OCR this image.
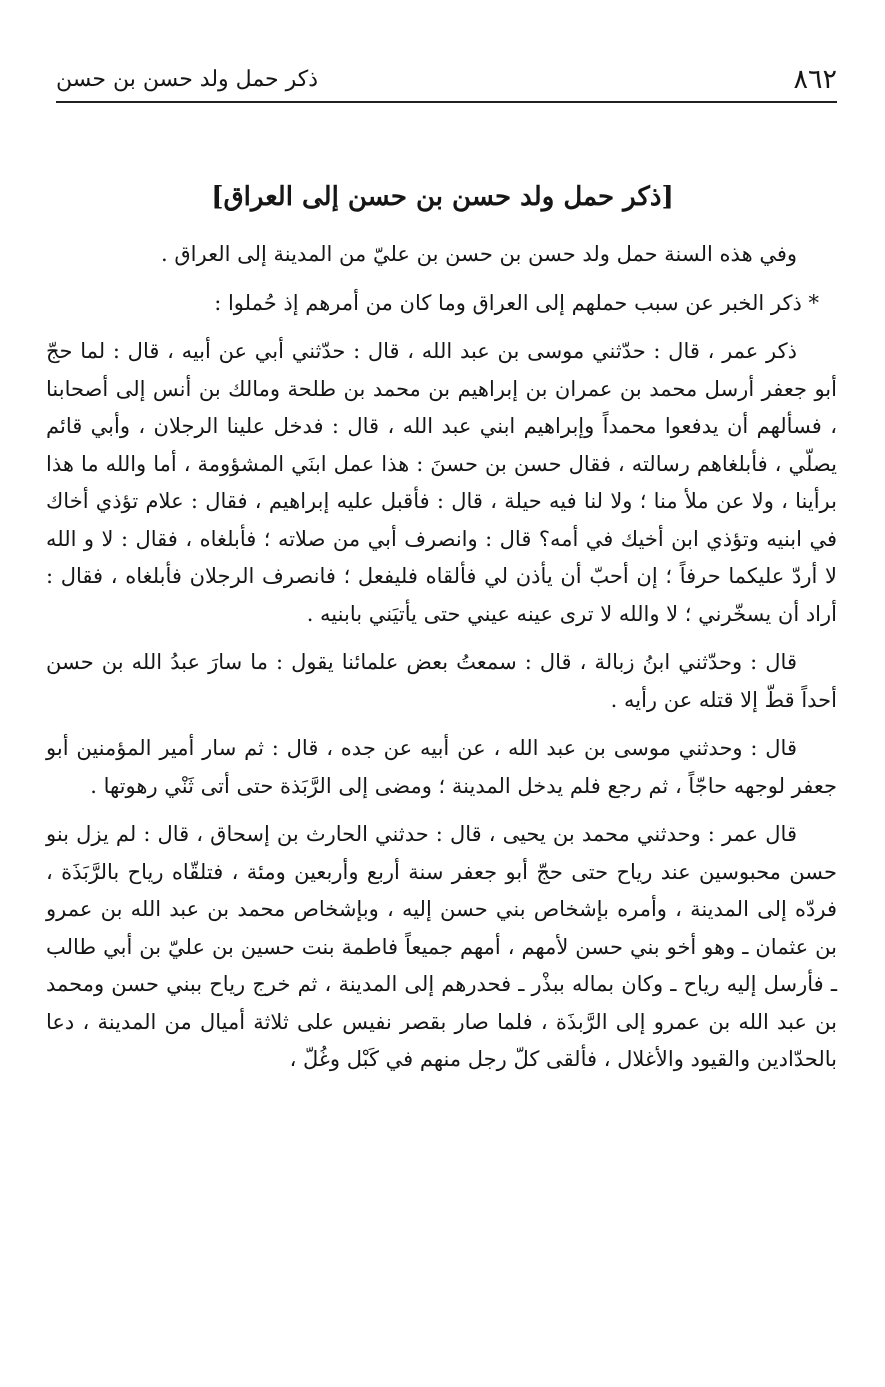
٨٦٢
ذكر حمل ولد حسن بن حسن
[ذكر حمل ولد حسن بن حسن إلى العراق]

وفي هذه السنة حمل ولد حسن بن حسن بن عليّ من المدينة إلى العراق .

* ذكر الخبر عن سبب حملهم إلى العراق وما كان من أمرهم إذ حُملوا :

ذكر عمر ، قال : حدّثني موسى بن عبد الله ، قال : حدّثني أبي عن أبيه ، قال : لما حجّ أبو جعفر أرسل محمد بن عمران بن إبراهيم بن محمد بن طلحة ومالك بن أنس إلى أصحابنا ، فسألهم أن يدفعوا محمداً وإبراهيم ابني عبد الله ، قال : فدخل علينا الرجلان ، وأبي قائم يصلّي ، فأبلغاهم رسالته ، فقال حسن بن حسنَ : هذا عمل ابنَي المشؤومة ، أما والله ما هذا برأينا ، ولا عن ملأ منا ؛ ولا لنا فيه حيلة ، قال : فأقبل عليه إبراهيم ، فقال : علام تؤذي أخاك في ابنيه وتؤذي ابن أخيك في أمه؟ قال : وانصرف أبي من صلاته ؛ فأبلغاه ، فقال : لا و الله لا أردّ عليكما حرفاً ؛ إن أحبّ أن يأذن لي فألقاه فليفعل ؛ فانصرف الرجلان فأبلغاه ، فقال : أراد أن يسخّرني ؛ لا والله لا ترى عينه عيني حتى يأتيَني بابنيه .

قال : وحدّثني ابنُ زبالة ، قال : سمعتُ بعض علمائنا يقول : ما سارَ عبدُ الله بن حسن أحداً قطّ إلا قتله عن رأيه .

قال : وحدثني موسى بن عبد الله ، عن أبيه عن جده ، قال : ثم سار أمير المؤمنين أبو جعفر لوجهه حاجّاً ، ثم رجع فلم يدخل المدينة ؛ ومضى إلى الرَّبَذة حتى أتى ثَنْي رهوتها .

قال عمر : وحدثني محمد بن يحيى ، قال : حدثني الحارث بن إسحاق ، قال : لم يزل بنو حسن محبوسين عند رياح حتى حجّ أبو جعفر سنة أربع وأربعين ومئة ، فتلقّاه رياح بالرَّبَذَة ، فردّه إلى المدينة ، وأمره بإشخاص بني حسن إليه ، وبإشخاص محمد بن عبد الله بن عمرو بن عثمان ـ وهو أخو بني حسن لأمهم ، أمهم جميعاً فاطمة بنت حسين بن عليّ بن أبي طالب ـ فأرسل إليه رياح ـ وكان بماله ببذْر ـ فحدرهم إلى المدينة ، ثم خرج رياح ببني حسن ومحمد بن عبد الله بن عمرو إلى الرَّبذَة ، فلما صار بقصر نفيس على ثلاثة أميال من المدينة ، دعا بالحدّادين والقيود والأغلال ، فألقى كلّ رجل منهم في كَبْل وغُلّ ،
